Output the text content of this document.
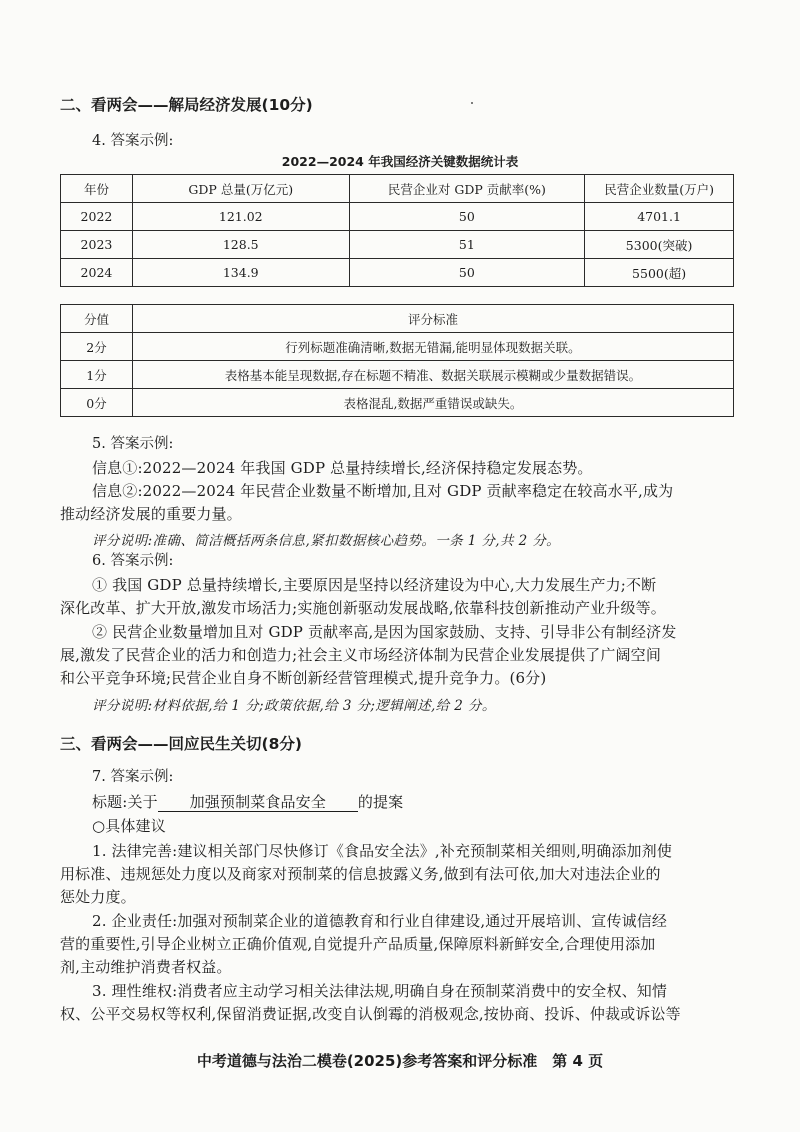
二、看两会——解局经济发展(10分)
4. 答案示例:
2022—2024 年我国经济关键数据统计表
年份	GDP 总量(万亿元)	民营企业对 GDP 贡献率(%)	民营企业数量(万户)
2022	121.02	50	4701.1
2023	128.5	51	5300(突破)
2024	134.9	50	5500(超)
分值	评分标准
2分	行列标题准确清晰,数据无错漏,能明显体现数据关联。
1分	表格基本能呈现数据,存在标题不精准、数据关联展示模糊或少量数据错误。
0分	表格混乱,数据严重错误或缺失。
5. 答案示例:
信息①:2022—2024 年我国 GDP 总量持续增长,经济保持稳定发展态势。
信息②:2022—2024 年民营企业数量不断增加,且对 GDP 贡献率稳定在较高水平,成为
推动经济发展的重要力量。
评分说明:准确、简洁概括两条信息,紧扣数据核心趋势。一条 1 分,共 2 分。
6. 答案示例:
① 我国 GDP 总量持续增长,主要原因是坚持以经济建设为中心,大力发展生产力;不断
深化改革、扩大开放,激发市场活力;实施创新驱动发展战略,依靠科技创新推动产业升级等。
② 民营企业数量增加且对 GDP 贡献率高,是因为国家鼓励、支持、引导非公有制经济发
展,激发了民营企业的活力和创造力;社会主义市场经济体制为民营企业发展提供了广阔空间
和公平竞争环境;民营企业自身不断创新经营管理模式,提升竞争力。(6分)
评分说明:材料依据,给 1 分;政策依据,给 3 分;逻辑阐述,给 2 分。
三、看两会——回应民生关切(8分)
7. 答案示例:
标题:关于 加强预制菜食品安全 的提案
○具体建议
1. 法律完善:建议相关部门尽快修订《食品安全法》,补充预制菜相关细则,明确添加剂使
用标准、违规惩处力度以及商家对预制菜的信息披露义务,做到有法可依,加大对违法企业的
惩处力度。
2. 企业责任:加强对预制菜企业的道德教育和行业自律建设,通过开展培训、宣传诚信经
营的重要性,引导企业树立正确价值观,自觉提升产品质量,保障原料新鲜安全,合理使用添加
剂,主动维护消费者权益。
3. 理性维权:消费者应主动学习相关法律法规,明确自身在预制菜消费中的安全权、知情
权、公平交易权等权利,保留消费证据,改变自认倒霉的消极观念,按协商、投诉、仲裁或诉讼等
中考道德与法治二模卷(2025)参考答案和评分标准　第 4 页
